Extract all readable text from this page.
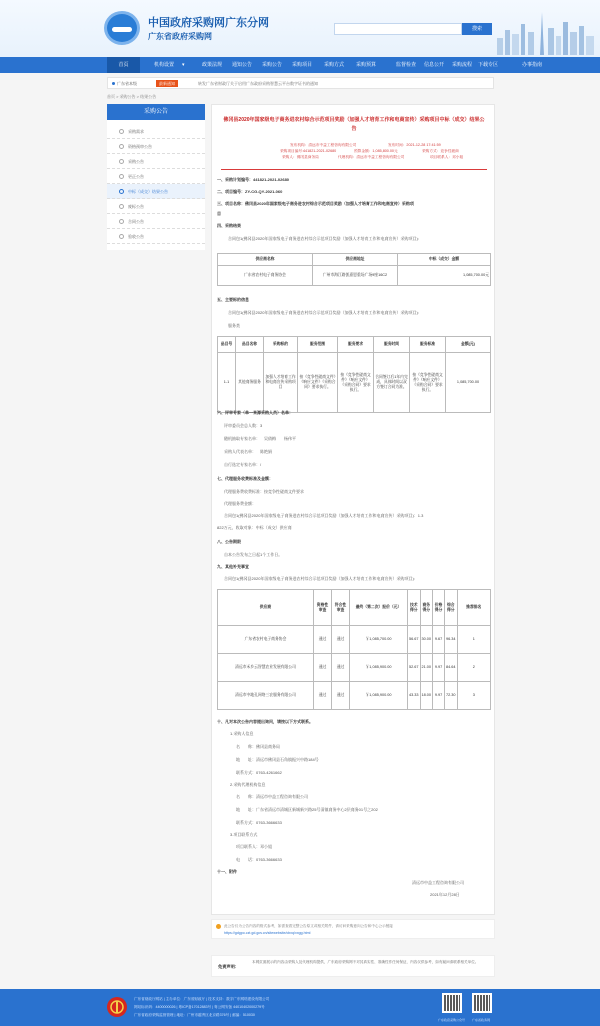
中国政府采购网广东分网
广东省政府采购网
搜索
首页	机构设置 ▾	政策法规 通知公告 采购公告 采购项目 采购方式 采购预算	监督检查 信息公开 采购流程 下载专区	办事指南
广东省本级	最新通知	转发广东省财政厅关于启用广东政府采购智慧云平台数字证书的通知
首页 > 采购公告 > 结果公告
采购公告
采购需求
资格预审公告
采购公告
更正公告
中标（成交）结果公告
废标公告
合同公告
验收公告
佛冈县2020年国家级电子商务进农村综合示范项目奖励（加强人才培育工作和电商宣传）采购项目中标（成交）结果公告
发布机构：清远市中益工程咨询有限公司	发布时间：2021-12-28 17:41:59
采购项目编号：
441821-2021-02680	预算金额：1,085,800.00元	采购方式：竞争性磋商
采购人：佛冈县商务局	代理机构：清远市中益工程咨询有限公司	项目联系人：邓小姐
一、采购计划编号：441821-2021-02680
二、项目编号：ZY-CG-QY-2021-060
三、项目名称：佛冈县2020年国家级电子商务进农村综合示范项目奖励（加强人才培育工作和电商宣传）采购项
目
四、采购结果
合同包1(佛冈县2020年国家级电子商务进农村综合示范项目奖励（加强人才培育工作和电商宣传）采购项目):
供应商名称	供应商地址	中标（成交）金额
广东省农村电子商务协会	广州市海江路凯嘉恩重场广场9座16C2	1,085,700.00元
五、主要标的信息
合同包1(佛冈县2020年国家级电子商务进农村综合示范项目奖励（加强人才培育工作和电商宣传）采购项目):
服务类
品目号	品目名称	采购标的	服务范围	服务要求	服务时间	服务标准	金额(元)
1-1	其他商务服务	加强人才培育工作和电商宣传采购项目	按《竞争性磋商文件》《响应文件》《采购合同》要求执行。	按《竞争性磋商文件》《响应文件》《采购合同》要求执行。	合同签订后1年内完成，具体时间以双方签订合同为准。	按《竞争性磋商文件》《响应文件》《采购合同》要求执行。	1,085,700.00
六、评审专家（单一来源采购人员）名单：
评审委员会总人数：3
随机抽取专家名单：　吴倩梅　　杨伟平
采购人代表名单：　陈艳娟
自行选定专家名单：/
七、代理服务收费标准及金额：
代理服务费收费标准：按竞争性磋商文件要求
代理服务费金额：
合同包1(佛冈县2020年国家级电子商务进农村综合示范项目奖励（加强人才培育工作和电商宣传）采购项目)：1.3
822万元，收取对象：中标（成交）供应商
八、公告期限
自本公告发布之日起1个工作日。
九、其他补充事宜
合同包1(佛冈县2020年国家级电子商务进农村综合示范项目奖励（加强人才培育工作和电商宣传）采购项目):
供应商	资格性审查	符合性审查	最终（第二次）报价（元）	技术得分	商务得分	价格得分	综合得分	推荐排名
广东省农村电子商务协会	通过	通过	￥1,085,700.00	56.67	30.00	9.67	96.34	1
清远市禾乡云智慧农业发展有限公司	通过	通过	￥1,085,900.00	52.67	21.00	9.97	84.64	2
清远市中地孔网络三农服务有限公司	通过	通过	￥1,085,900.00	43.33	18.00	9.97	72.30	3
十、凡对本次公告内容提出询问，请按以下方式联系。
1.采购人信息
名　　称：佛冈县商务局
地　　址：清远市佛冈县石角镇振兴中路184号
联系方式：0763-4261662
2.采购代理机构信息
名　　称：清远市中益工程咨询有限公司
地　　址：广东省清远市清城区新城新兴路25号清镇商务中心2层商务01号之202
联系方式：0763-3666633
3.项目联系方式
项目联系人：邓小姐
电　　话：0763-3666633
十一、附件
清远市中益工程咨询有限公司
2021年12月28日
此公告仅为公告内容的格式参考，如需查看完整公告原文或相关附件，请访问采购意向公告和中心公示链接
https://gdgpo.czt.gd.gov.cn/sitewebsite/cbxq/xxgg.html
免责声明：
本网页面展示的内容由采购人及代理机构提供，广东政府采购网不对其真实性、准确性作任何保证，内容仅供参考，如有疑问请联系相关单位。
广东省财政厅网站 | 主办单位：广东省财政厅 | 技术支持：数字广东网络建设有限公司
网站标识码：4400000026 | 粤ICP备17012883号 | 粤公网安备 44010402000279号
广东省政府采购监督管理 | 地址：广州市越秀区北京路376号 | 邮编：510030
广东政府采购公众号 广东省政务网
